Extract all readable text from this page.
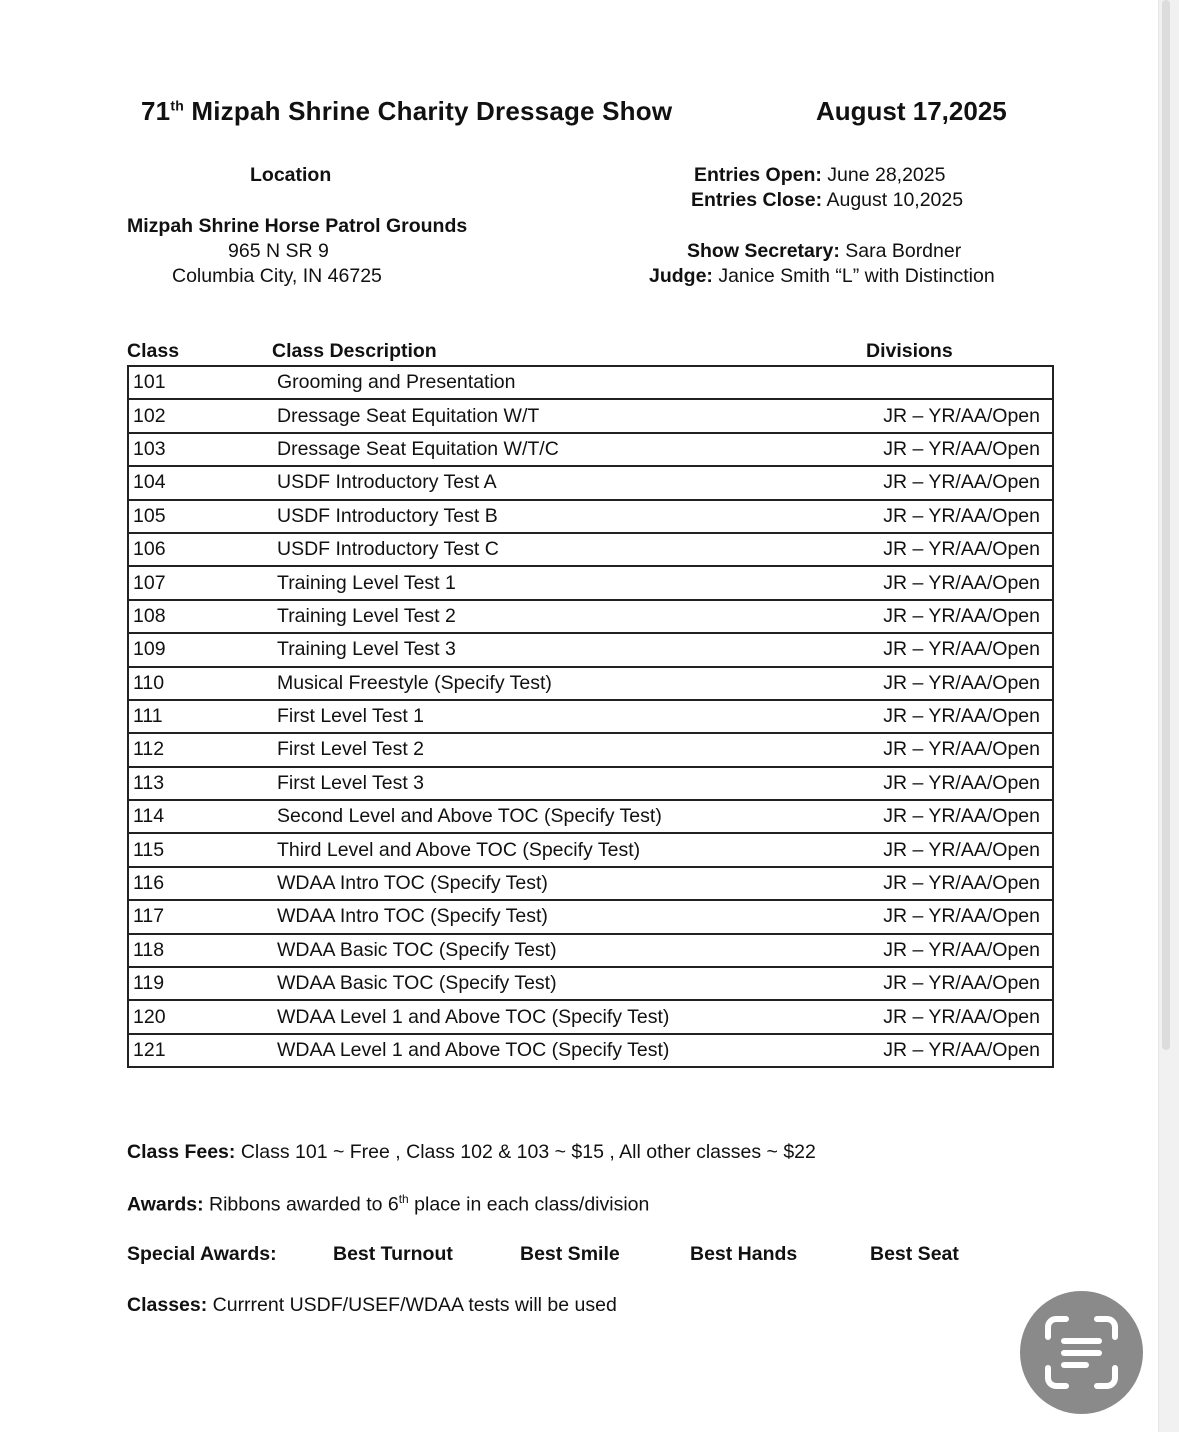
71th Mizpah Shrine Charity Dressage Show	August 17,2025
Location
Mizpah Shrine Horse Patrol Grounds
965 N SR 9
Columbia City, IN 46725
Entries Open: June 28,2025
Entries Close: August 10,2025
Show Secretary: Sara Bordner
Judge: Janice Smith “L” with Distinction
Class	Class Description	Divisions
101	Grooming and Presentation	
102	Dressage Seat Equitation W/T	JR – YR/AA/Open
103	Dressage Seat Equitation W/T/C	JR – YR/AA/Open
104	USDF Introductory Test A	JR – YR/AA/Open
105	USDF Introductory Test B	JR – YR/AA/Open
106	USDF Introductory Test C	JR – YR/AA/Open
107	Training Level Test 1	JR – YR/AA/Open
108	Training Level Test 2	JR – YR/AA/Open
109	Training Level Test 3	JR – YR/AA/Open
110	Musical Freestyle (Specify Test)	JR – YR/AA/Open
111	First Level Test 1	JR – YR/AA/Open
112	First Level Test 2	JR – YR/AA/Open
113	First Level Test 3	JR – YR/AA/Open
114	Second Level and Above TOC (Specify Test)	JR – YR/AA/Open
115	Third Level and Above TOC (Specify Test)	JR – YR/AA/Open
116	WDAA Intro TOC (Specify Test)	JR – YR/AA/Open
117	WDAA Intro TOC (Specify Test)	JR – YR/AA/Open
118	WDAA Basic TOC (Specify Test)	JR – YR/AA/Open
119	WDAA Basic TOC (Specify Test)	JR – YR/AA/Open
120	WDAA Level 1 and Above TOC (Specify Test)	JR – YR/AA/Open
121	WDAA Level 1 and Above TOC (Specify Test)	JR – YR/AA/Open
Class Fees: Class 101 ~ Free , Class 102 & 103 ~ $15 , All other classes ~ $22
Awards: Ribbons awarded to 6th place in each class/division
Special Awards:	Best Turnout	Best Smile	Best Hands	Best Seat
Classes: Currrent USDF/USEF/WDAA tests will be used
